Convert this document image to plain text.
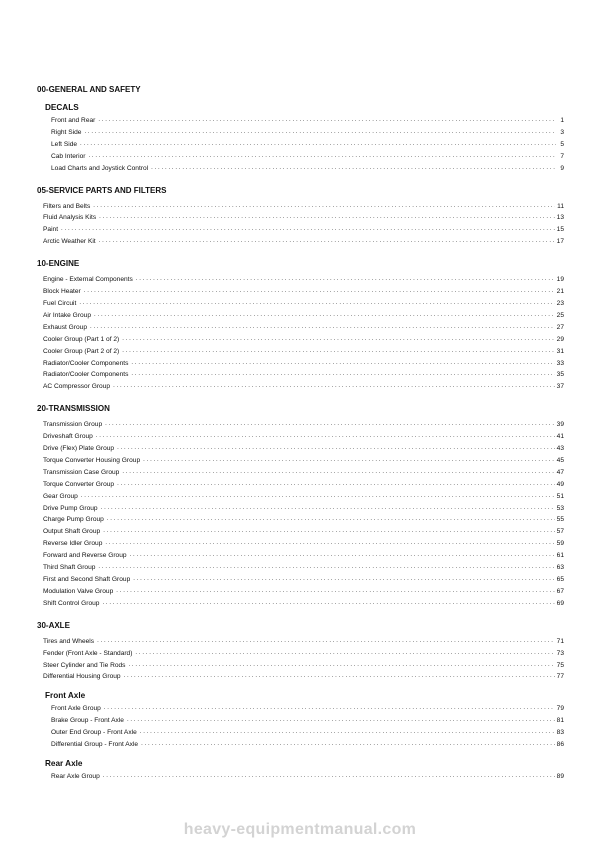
00-GENERAL AND SAFETY
DECALS
Front and Rear .....	1
Right Side .....	3
Left Side .....	5
Cab Interior .....	7
Load Charts and Joystick Control .....	9
05-SERVICE PARTS AND FILTERS
Filters and Belts .....	11
Fluid Analysis Kits .....	13
Paint .....	15
Arctic Weather Kit .....	17
10-ENGINE
Engine - External Components .....	19
Block Heater .....	21
Fuel Circuit .....	23
Air Intake Group .....	25
Exhaust Group .....	27
Cooler Group (Part 1 of 2) .....	29
Cooler Group (Part 2 of 2) .....	31
Radiator/Cooler Components .....	33
Radiator/Cooler Components .....	35
AC Compressor Group .....	37
20-TRANSMISSION
Transmission Group .....	39
Driveshaft Group .....	41
Drive (Flex) Plate Group .....	43
Torque Converter Housing Group .....	45
Transmission Case Group .....	47
Torque Converter Group .....	49
Gear Group .....	51
Drive Pump Group .....	53
Charge Pump Group .....	55
Output Shaft Group .....	57
Reverse Idler Group .....	59
Forward and Reverse Group .....	61
Third Shaft Group .....	63
First and Second Shaft Group .....	65
Modulation Valve Group .....	67
Shift Control Group .....	69
30-AXLE
Tires and Wheels .....	71
Fender (Front Axle - Standard) .....	73
Steer Cylinder and Tie Rods .....	75
Differential Housing Group .....	77
Front Axle
Front Axle Group .....	79
Brake Group - Front Axle .....	81
Outer End Group - Front Axle .....	83
Differential Group - Front Axle .....	86
Rear Axle
Rear Axle Group .....	89
heavy-equipmentmanual.com
